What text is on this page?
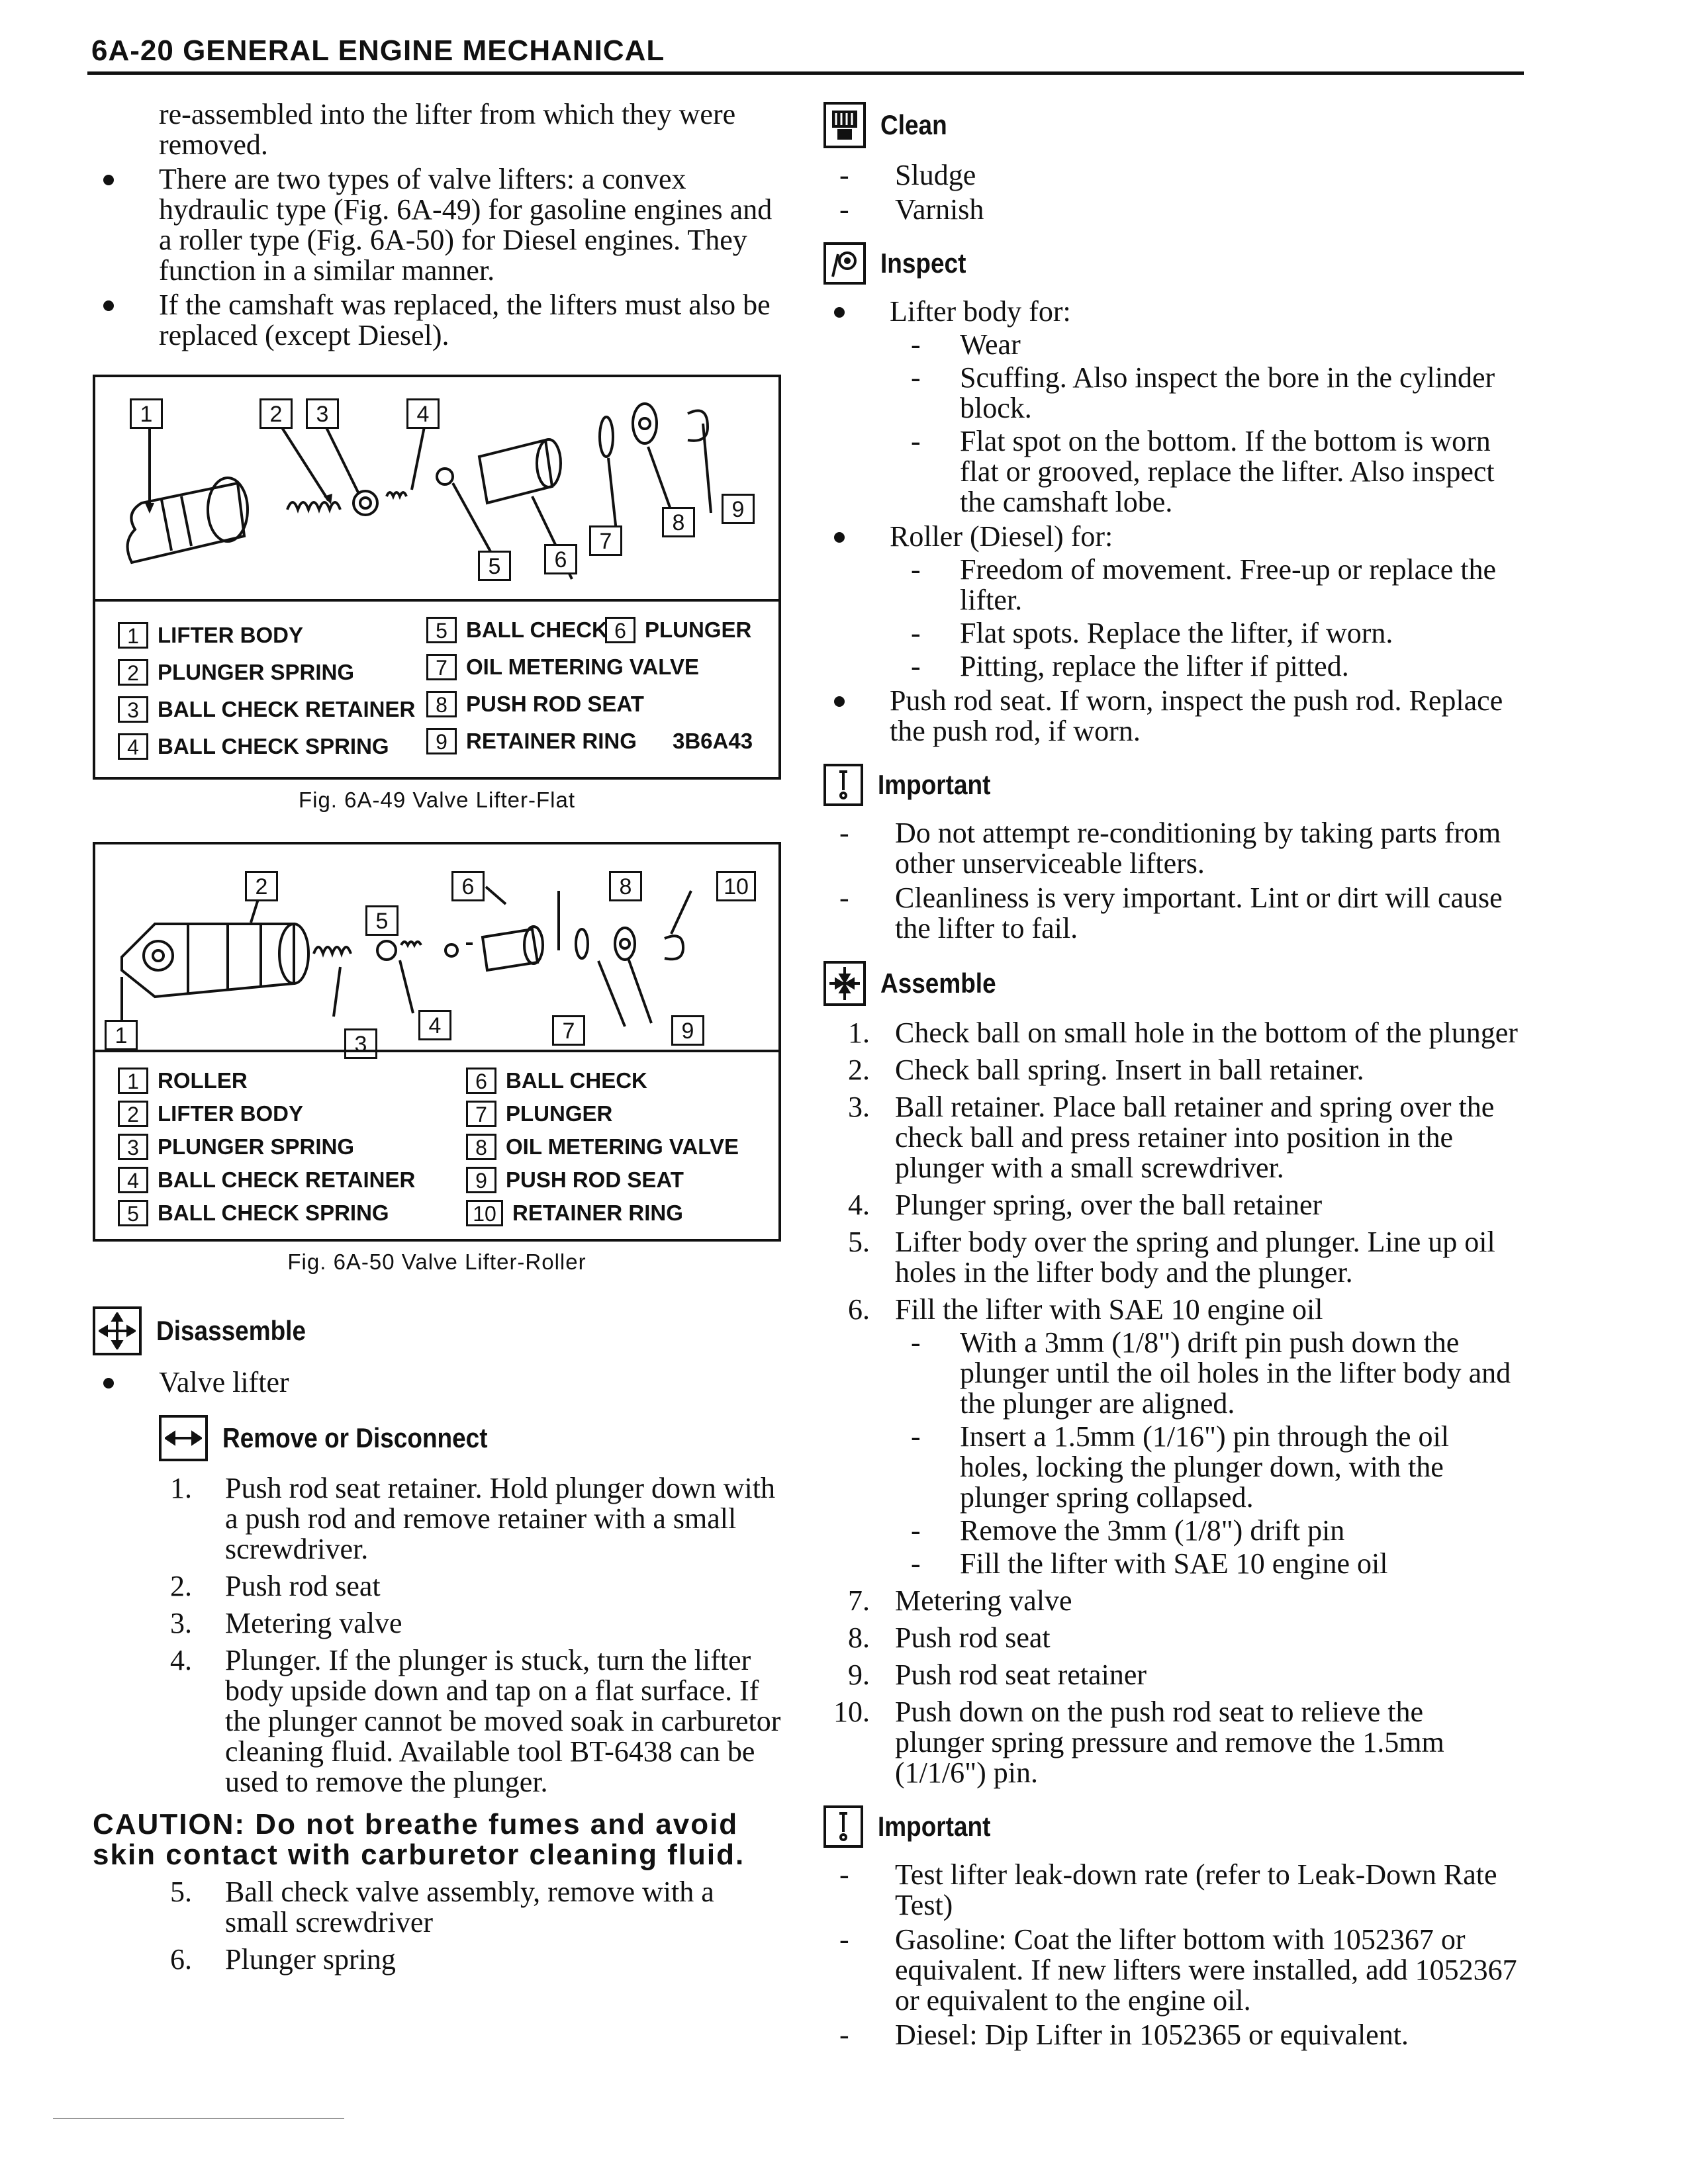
6A-20 GENERAL ENGINE MECHANICAL

re-assembled into the lifter from which they were removed.

There are two types of valve lifters: a convex hydraulic type (Fig. 6A-49) for gasoline engines and a roller type (Fig. 6A-50) for Diesel engines. They function in a similar manner.

If the camshaft was replaced, the lifters must also be replaced (except Diesel).

1	2	3	4
5	6
7
8
9
1 LIFTER BODY
2 PLUNGER SPRING
3 BALL CHECK RETAINER
4 BALL CHECK SPRING
5 BALL CHECK 6 PLUNGER
7 OIL METERING VALVE
8 PUSH ROD SEAT
9 RETAINER RING 3B6A43
Fig. 6A-49 Valve Lifter-Flat
1
2
3
4
5
6
7
8
9
10
1 ROLLER
2 LIFTER BODY
3 PLUNGER SPRING
4 BALL CHECK RETAINER
5 BALL CHECK SPRING
6 BALL CHECK
7 PLUNGER
8 OIL METERING VALVE
9 PUSH ROD SEAT
10 RETAINER RING
Fig. 6A-50 Valve Lifter-Roller
Disassemble

Valve lifter

Remove or Disconnect

1. Push rod seat retainer. Hold plunger down with a push rod and remove retainer with a small screwdriver.

2. Push rod seat

3. Metering valve

4. Plunger. If the plunger is stuck, turn the lifter body upside down and tap on a flat surface. If the plunger cannot be moved soak in carburetor cleaning fluid. Available tool BT-6438 can be used to remove the plunger.

CAUTION: Do not breathe fumes and avoid skin contact with carburetor cleaning fluid.

5. Ball check valve assembly, remove with a small screwdriver

6. Plunger spring

Clean

- Sludge

- Varnish

Inspect

Lifter body for:

- Wear

- Scuffing. Also inspect the bore in the cylinder block.

- Flat spot on the bottom. If the bottom is worn flat or grooved, replace the lifter. Also inspect the camshaft lobe.

Roller (Diesel) for:

- Freedom of movement. Free-up or replace the lifter.

- Flat spots. Replace the lifter, if worn.

- Pitting, replace the lifter if pitted.

Push rod seat. If worn, inspect the push rod. Replace the push rod, if worn.

Important

- Do not attempt re-conditioning by taking parts from other unserviceable lifters.

- Cleanliness is very important. Lint or dirt will cause the lifter to fail.

Assemble

1. Check ball on small hole in the bottom of the plunger

2. Check ball spring. Insert in ball retainer.

3. Ball retainer. Place ball retainer and spring over the check ball and press retainer into position in the plunger with a small screwdriver.

4. Plunger spring, over the ball retainer

5. Lifter body over the spring and plunger. Line up oil holes in the lifter body and the plunger.

6. Fill the lifter with SAE 10 engine oil

- With a 3mm (1/8") drift pin push down the plunger until the oil holes in the lifter body and the plunger are aligned.

- Insert a 1.5mm (1/16") pin through the oil holes, locking the plunger down, with the plunger spring collapsed.

- Remove the 3mm (1/8") drift pin

- Fill the lifter with SAE 10 engine oil

7. Metering valve

8. Push rod seat

9. Push rod seat retainer

10. Push down on the push rod seat to relieve the plunger spring pressure and remove the 1.5mm (1/1/6") pin.

Important

- Test lifter leak-down rate (refer to Leak-Down Rate Test)

- Gasoline: Coat the lifter bottom with 1052367 or equivalent. If new lifters were installed, add 1052367 or equivalent to the engine oil.

- Diesel: Dip Lifter in 1052365 or equivalent.
